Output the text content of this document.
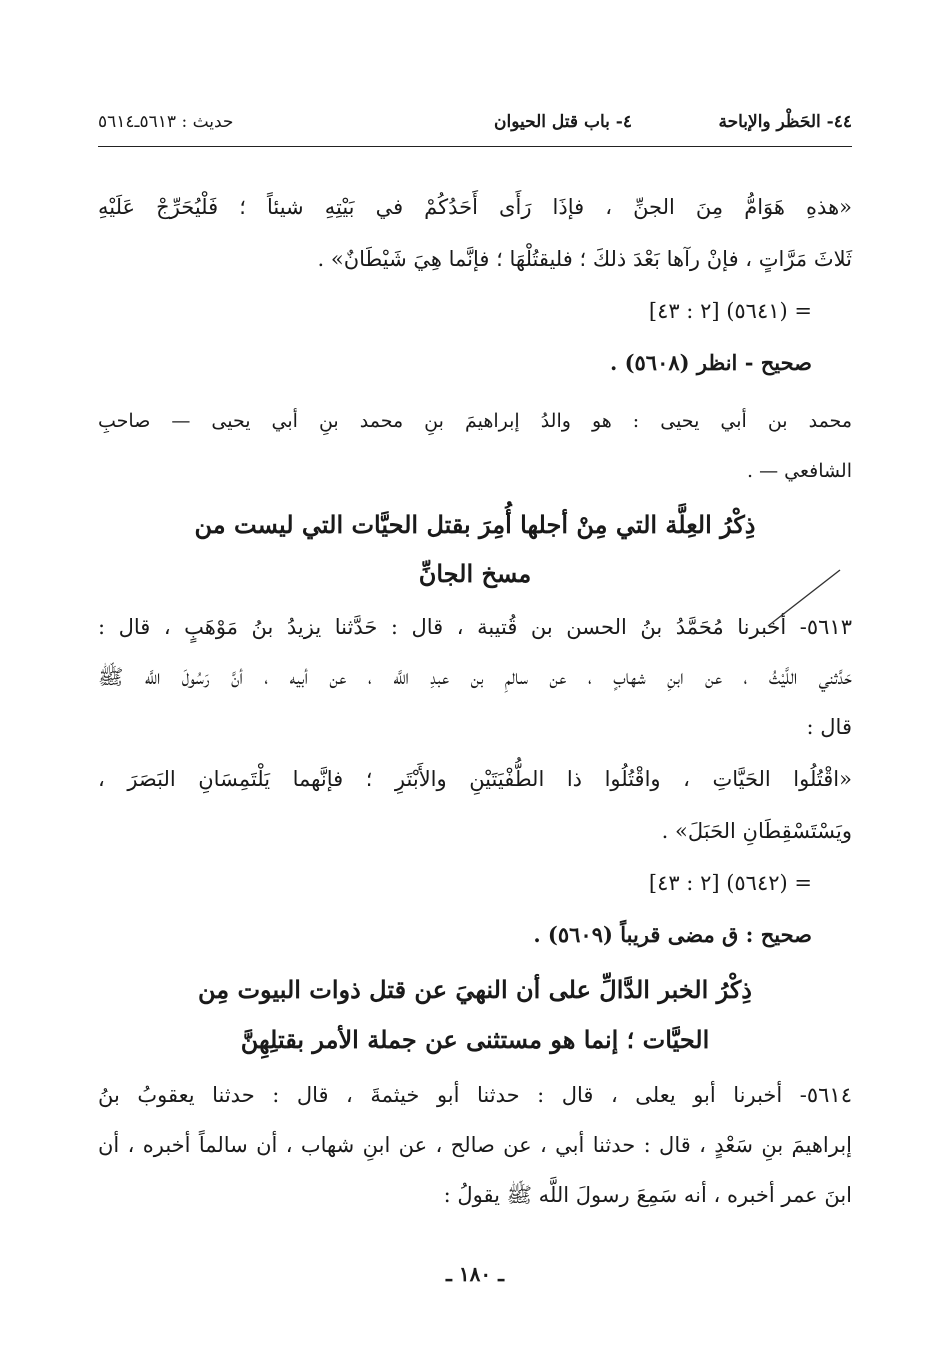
٤٤- الحَظْر والإباحة
٤- باب قتل الحيوان
حديث : ٥٦١٣ـ٥٦١٤
«هذهِ هَوَامُّ مِنَ الجنِّ ، فإذَا رَأَى أَحَدُكُمْ في بَيْتِهِ شيئاً ؛ فَلْيُحَرِّجْ عَلَيْهِ
ثَلاثَ مَرَّاتٍ ، فإنْ رآها بَعْدَ ذلكَ ؛ فليقتُلْهَا ؛ فإنَّما هِيَ شَيْطَانٌ» .
= (٥٦٤١) [٢ : ٤٣]
صحيح - انظر (٥٦٠٨) .
محمد بن أبي يحيى : هو والدُ إبراهيمَ بنِ محمد بنِ أبي يحيى — صاحبِ
الشافعي — .
ذِكْرُ العِلَّة التي مِنْ أجلها أُمِرَ بقتل الحيَّات التي ليست من
مسخ الجانِّ
٥٦١٣- أخبرنا مُحَمَّدُ بنُ الحسن بن قُتيبة ، قال : حَدَّثنا يزيدُ بنُ مَوْهَبٍ ، قال :
حَدَّثني اللَّيْثُ ، عن ابنِ شهابٍ ، عن سالمِ بن عبدِ اللَّه ، عن أبيه ، أنَّ رَسُولَ اللَّه ﷺ
قال :
«اقْتُلُوا الحَيَّاتِ ، واقْتُلُوا ذا الطُّفْيَتَيْنِ والأَبْتَرِ ؛ فإنَّهما يَلْتَمِسَانِ البَصَرَ ،
ويَسْتَسْقِطَانِ الحَبَلَ» .
= (٥٦٤٢) [٢ : ٤٣]
صحيح : ق مضى قريباً (٥٦٠٩) .
ذِكْرُ الخبر الدَّالِّ على أن النهيَ عن قتل ذوات البيوت مِن
الحيَّات ؛ إنما هو مستثنى عن جملة الأمر بقتلِهِنَّ
٥٦١٤- أخبرنا أبو يعلى ، قال : حدثنا أبو خيثمةَ ، قال : حدثنا يعقوبُ بنُ
إبراهيمَ بنِ سَعْدٍ ، قال : حدثنا أبي ، عن صالح ، عن ابنِ شهاب ، أن سالماً أخبره ، أن
ابنَ عمر أخبره ، أنه سَمِعَ رسولَ اللَّه ﷺ يقولُ :
ـ ١٨٠ ـ
